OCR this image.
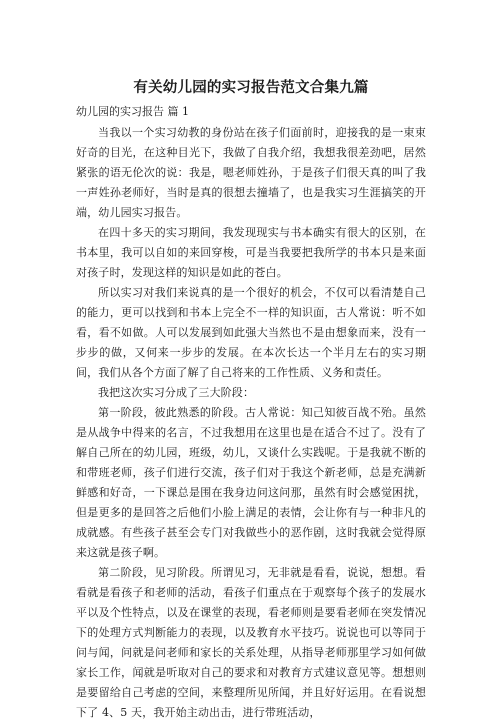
有关幼儿园的实习报告范文合集九篇
幼儿园的实习报告 篇 1

当我以一个实习幼教的身份站在孩子们面前时，迎接我的是一束束好奇的目光，在这种目光下，我做了自我介绍，我想我很差劲吧，居然紧张的语无伦次的说：我是，嗯老师姓孙，于是孩子们很天真的叫了我一声姓孙老师好，当时是真的很想去撞墙了，也是我实习生涯搞笑的开端，幼儿园实习报告。

在四十多天的实习期间，我发现现实与书本确实有很大的区别，在书本里，我可以自如的来回穿梭，可是当我要把我所学的书本只是来面对孩子时，发现这样的知识是如此的苍白。

所以实习对我们来说真的是一个很好的机会，不仅可以看清楚自己的能力，更可以找到和书本上完全不一样的知识面，古人常说：听不如看，看不如做。人可以发展到如此强大当然也不是由想象而来，没有一步步的做，又何来一步步的发展。在本次长达一个半月左右的实习期间，我们从各个方面了解了自己将来的工作性质、义务和责任。

我把这次实习分成了三大阶段：

第一阶段，彼此熟悉的阶段。古人常说：知己知彼百战不殆。虽然是从战争中得来的名言，不过我想用在这里也是在适合不过了。没有了解自己所在的幼儿园，班级，幼儿，又谈什么实践呢。于是我就不断的和带班老师，孩子们进行交流，孩子们对于我这个新老师，总是充满新鲜感和好奇，一下课总是围在我身边问这问那，虽然有时会感觉困扰，但是更多的是回答之后他们小脸上满足的表情，会让你有与一种非凡的成就感。有些孩子甚至会专门对我做些小的恶作剧，这时我就会觉得原来这就是孩子啊。

第二阶段，见习阶段。所谓见习，无非就是看看，说说，想想。看看就是看孩子和老师的活动，看孩子们重点在于观察每个孩子的发展水平以及个性特点，以及在课堂的表现，看老师则是要看老师在突发情况下的处理方式判断能力的表现，以及教育水平技巧。说说也可以等同于问与闻，问就是问老师和家长的关系处理，从指导老师那里学习如何做家长工作，闻就是听取对自己的要求和对教育方式建议意见等。想想则是要留给自己考虑的空间，来整理所见所闻，并且好好运用。在看说想下了 4、5 天，我开始主动出击，进行带班活动，
